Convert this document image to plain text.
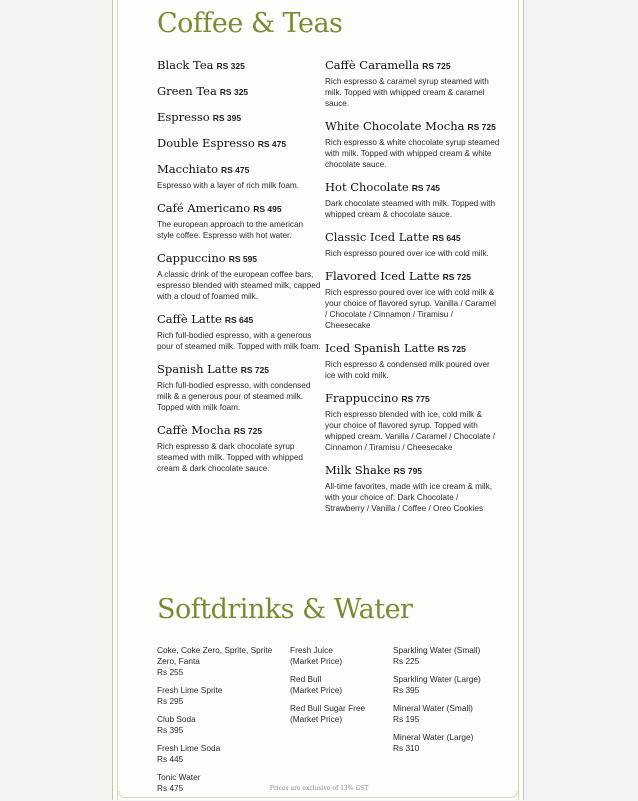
Coffee & Teas
Black Tea RS 325
Green Tea RS 325
Espresso RS 395
Double Espresso RS 475
Macchiato RS 475
Espresso with a layer of rich milk foam.
Café Americano RS 495
The european approach to the american style coffee. Espresso with hot water.
Cappuccino RS 595
A classic drink of the european coffee bars, espresso blended with steamed milk, capped with a cloud of foamed milk.
Caffè Latte RS 645
Rich full-bodied espresso, with a generous pour of steamed milk. Topped with milk foam.
Spanish Latte RS 725
Rich full-bodied espresso, with condensed milk & a generous pour of steamed milk. Topped with milk foam.
Caffè Mocha RS 725
Rich espresso & dark chocolate syrup steamed with milk. Topped with whipped cream & dark chocolate sauce.
Caffè Caramella RS 725
Rich espresso & caramel syrup steamed with milk. Topped with whipped cream & caramel sauce.
White Chocolate Mocha RS 725
Rich espresso & white chocolate syrup steamed with milk. Topped with whipped cream & white chocolate sauce.
Hot Chocolate RS 745
Dark chocolate steamed with milk. Topped with whipped cream & chocolate sauce.
Classic Iced Latte RS 645
Rich espresso poured over ice with cold milk.
Flavored Iced Latte RS 725
Rich espresso poured over ice with cold milk & your choice of flavored syrup. Vanilla / Caramel / Chocolate / Cinnamon / Tiramisu / Cheesecake
Iced Spanish Latte RS 725
Rich espresso & condensed milk poured over ice with cold milk.
Frappuccino RS 775
Rich espresso blended with ice, cold milk & your choice of flavored syrup. Topped with whipped cream. Vanilla / Caramel / Chocolate / Cinnamon / Tiramisu / Cheesecake
Milk Shake RS 795
All-time favorites, made with ice cream & milk, with your choice of: Dark Chocolate / Strawberry / Vanilla / Coffee / Oreo Cookies
Softdrinks & Water
Coke, Coke Zero, Sprite, Sprite Zero, Fanta
Rs 255
Fresh Lime Sprite
Rs 295
Club Soda
Rs 395
Fresh Lime Soda
Rs 445
Tonic Water
Rs 475
Fresh Juice
(Market Price)
Red Bull
(Market Price)
Red Bull Sugar Free
(Market Price)
Sparkling Water (Small)
Rs 225
Sparkling Water (Large)
Rs 395
Mineral Water (Small)
Rs 195
Mineral Water (Large)
Rs 310
Prices are exclusive of 13% GST
